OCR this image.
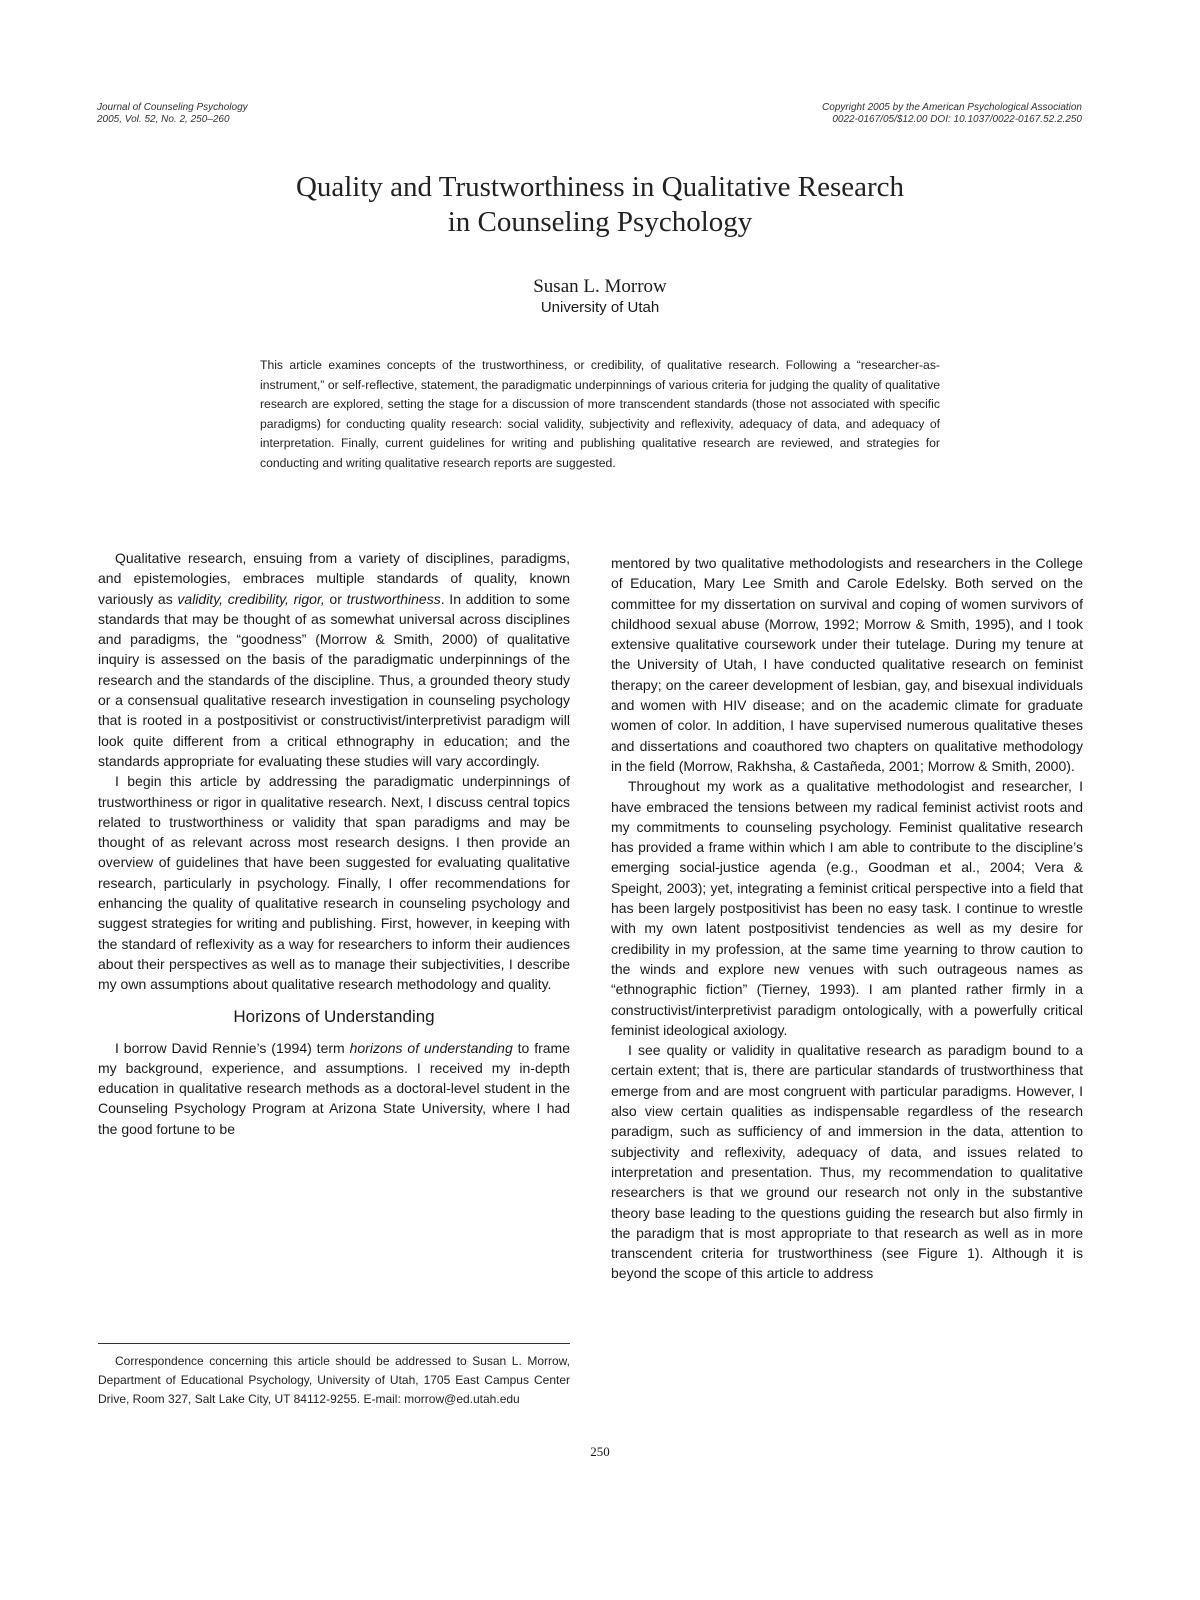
Journal of Counseling Psychology
2005, Vol. 52, No. 2, 250–260
Copyright 2005 by the American Psychological Association
0022-0167/05/$12.00 DOI: 10.1037/0022-0167.52.2.250
Quality and Trustworthiness in Qualitative Research
in Counseling Psychology
Susan L. Morrow
University of Utah
This article examines concepts of the trustworthiness, or credibility, of qualitative research. Following a “researcher-as-instrument,” or self-reflective, statement, the paradigmatic underpinnings of various criteria for judging the quality of qualitative research are explored, setting the stage for a discussion of more transcendent standards (those not associated with specific paradigms) for conducting quality research: social validity, subjectivity and reflexivity, adequacy of data, and adequacy of interpretation. Finally, current guidelines for writing and publishing qualitative research are reviewed, and strategies for conducting and writing qualitative research reports are suggested.

Qualitative research, ensuing from a variety of disciplines, paradigms, and epistemologies, embraces multiple standards of quality, known variously as validity, credibility, rigor, or trustworthiness. In addition to some standards that may be thought of as somewhat universal across disciplines and paradigms, the “goodness” (Morrow & Smith, 2000) of qualitative inquiry is assessed on the basis of the paradigmatic underpinnings of the research and the standards of the discipline. Thus, a grounded theory study or a consensual qualitative research investigation in counseling psychology that is rooted in a postpositivist or constructivist/interpretivist paradigm will look quite different from a critical ethnography in education; and the standards appropriate for evaluating these studies will vary accordingly.

I begin this article by addressing the paradigmatic underpinnings of trustworthiness or rigor in qualitative research. Next, I discuss central topics related to trustworthiness or validity that span paradigms and may be thought of as relevant across most research designs. I then provide an overview of guidelines that have been suggested for evaluating qualitative research, particularly in psychology. Finally, I offer recommendations for enhancing the quality of qualitative research in counseling psychology and suggest strategies for writing and publishing. First, however, in keeping with the standard of reflexivity as a way for researchers to inform their audiences about their perspectives as well as to manage their subjectivities, I describe my own assumptions about qualitative research methodology and quality.

Horizons of Understanding

I borrow David Rennie’s (1994) term horizons of understanding to frame my background, experience, and assumptions. I received my in-depth education in qualitative research methods as a doctoral-level student in the Counseling Psychology Program at Arizona State University, where I had the good fortune to be

mentored by two qualitative methodologists and researchers in the College of Education, Mary Lee Smith and Carole Edelsky. Both served on the committee for my dissertation on survival and coping of women survivors of childhood sexual abuse (Morrow, 1992; Morrow & Smith, 1995), and I took extensive qualitative coursework under their tutelage. During my tenure at the University of Utah, I have conducted qualitative research on feminist therapy; on the career development of lesbian, gay, and bisexual individuals and women with HIV disease; and on the academic climate for graduate women of color. In addition, I have supervised numerous qualitative theses and dissertations and coauthored two chapters on qualitative methodology in the field (Morrow, Rakhsha, & Castañeda, 2001; Morrow & Smith, 2000).

Throughout my work as a qualitative methodologist and researcher, I have embraced the tensions between my radical feminist activist roots and my commitments to counseling psychology. Feminist qualitative research has provided a frame within which I am able to contribute to the discipline’s emerging social-justice agenda (e.g., Goodman et al., 2004; Vera & Speight, 2003); yet, integrating a feminist critical perspective into a field that has been largely postpositivist has been no easy task. I continue to wrestle with my own latent postpositivist tendencies as well as my desire for credibility in my profession, at the same time yearning to throw caution to the winds and explore new venues with such outrageous names as “ethnographic fiction” (Tierney, 1993). I am planted rather firmly in a constructivist/interpretivist paradigm ontologically, with a powerfully critical feminist ideological axiology.

I see quality or validity in qualitative research as paradigm bound to a certain extent; that is, there are particular standards of trustworthiness that emerge from and are most congruent with particular paradigms. However, I also view certain qualities as indispensable regardless of the research paradigm, such as sufficiency of and immersion in the data, attention to subjectivity and reflexivity, adequacy of data, and issues related to interpretation and presentation. Thus, my recommendation to qualitative researchers is that we ground our research not only in the substantive theory base leading to the questions guiding the research but also firmly in the paradigm that is most appropriate to that research as well as in more transcendent criteria for trustworthiness (see Figure 1). Although it is beyond the scope of this article to address

Correspondence concerning this article should be addressed to Susan L. Morrow, Department of Educational Psychology, University of Utah, 1705 East Campus Center Drive, Room 327, Salt Lake City, UT 84112-9255. E-mail: morrow@ed.utah.edu
250
